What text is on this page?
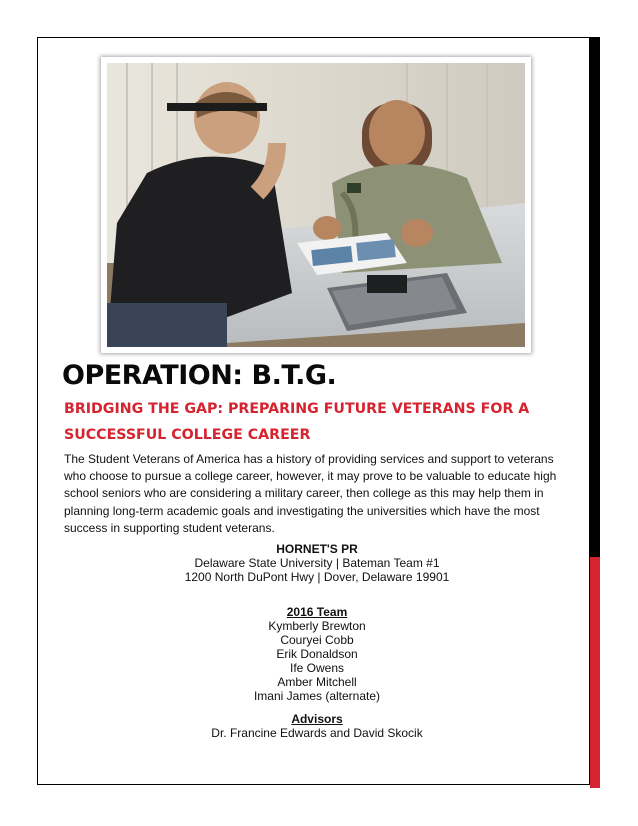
OPERATION: B.T.G.
BRIDGING THE GAP: PREPARING FUTURE VETERANS FOR A
SUCCESSFUL COLLEGE CAREER

The Student Veterans of America has a history of providing services and support to veterans who choose to pursue a college career, however, it may prove to be valuable to educate high school seniors who are considering a military career, then college as this may help them in planning long-term academic goals and investigating the universities which have the most success in supporting student veterans.

HORNET'S PR
Delaware State University | Bateman Team #1
1200 North DuPont Hwy | Dover, Delaware 19901
2016 Team
Kymberly Brewton
Couryei Cobb
Erik Donaldson
Ife Owens
Amber Mitchell
Imani James (alternate)
Advisors
Dr. Francine Edwards and David Skocik
